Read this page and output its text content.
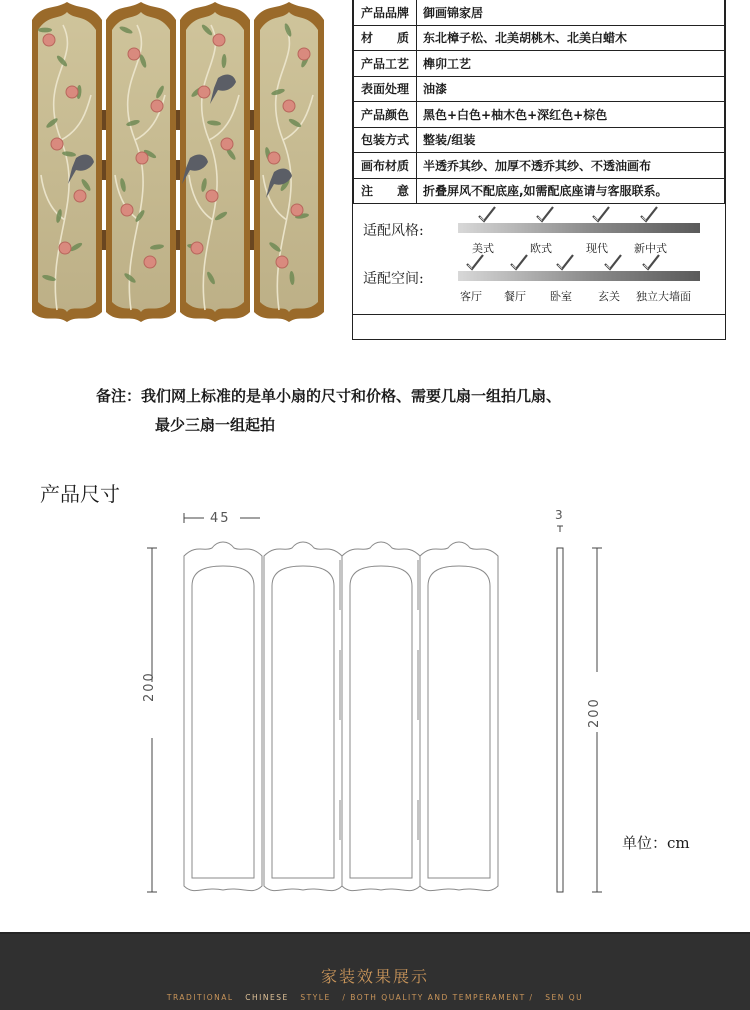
产品品牌	御画锦家居
材　　质	东北樟子松、北美胡桃木、北美白蜡木
产品工艺	榫卯工艺
表面处理	油漆
产品颜色	黑色+白色+柚木色+深红色+棕色
包装方式	整装/组装
画布材质	半透乔其纱、加厚不透乔其纱、不透油画布
注　　意	折叠屏风不配底座,如需配底座请与客服联系。
适配风格:
美式	欧式	现代 新中式
适配空间:
客厅 餐厅 卧室 玄关 独立大墙面
备注：我们网上标准的是单小扇的尺寸和价格、需要几扇一组拍几扇、
最少三扇一组起拍
产品尺寸
45
200
3
200
单位：cm
家装效果展示
TRADITIONAL CHINESE STYLE / BOTH QUALITY AND TEMPERAMENT / SEN QU
